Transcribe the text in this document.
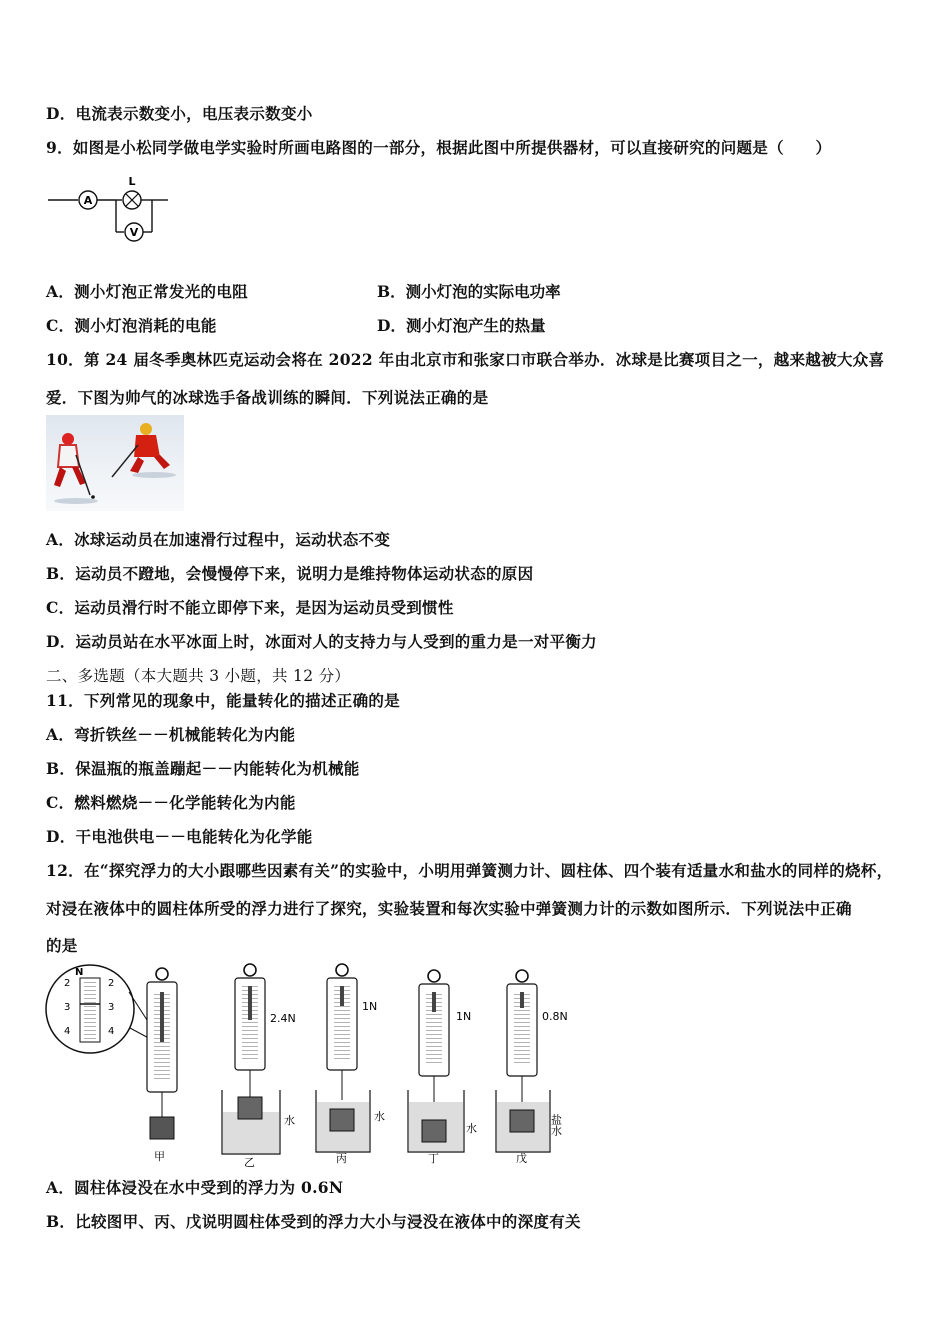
D．电流表示数变小，电压表示数变小
9．如图是小松同学做电学实验时所画电路图的一部分，根据此图中所提供器材，可以直接研究的问题是（　　）
A
L
V
A．测小灯泡正常发光的电阻	B．测小灯泡的实际电功率
C．测小灯泡消耗的电能	D．测小灯泡产生的热量
10．第 24 届冬季奥林匹克运动会将在 2022 年由北京市和张家口市联合举办．冰球是比赛项目之一，越来越被大众喜
爱．下图为帅气的冰球选手备战训练的瞬间．下列说法正确的是
A．冰球运动员在加速滑行过程中，运动状态不变
B．运动员不蹬地，会慢慢停下来，说明力是维持物体运动状态的原因
C．运动员滑行时不能立即停下来，是因为运动员受到惯性
D．运动员站在水平冰面上时，冰面对人的支持力与人受到的重力是一对平衡力
二、多选题（本大题共 3 小题，共 12 分）
11．下列常见的现象中，能量转化的描述正确的是
A．弯折铁丝－－机械能转化为内能
B．保温瓶的瓶盖蹦起－－内能转化为机械能
C．燃料燃烧－－化学能转化为内能
D．干电池供电－－电能转化为化学能
12．在“探究浮力的大小跟哪些因素有关”的实验中，小明用弹簧测力计、圆柱体、四个装有适量水和盐水的同样的烧杯，
对浸在液体中的圆柱体所受的浮力进行了探究，实验装置和每次实验中弹簧测力计的示数如图所示．下列说法中正确
的是
N
2
3
4
2
3
4
甲
2.4N
水
乙
1N
水
丙
1N
水
丁
0.8N
盐水
戊
A．圆柱体浸没在水中受到的浮力为 0.6N
B．比较图甲、丙、戊说明圆柱体受到的浮力大小与浸没在液体中的深度有关
